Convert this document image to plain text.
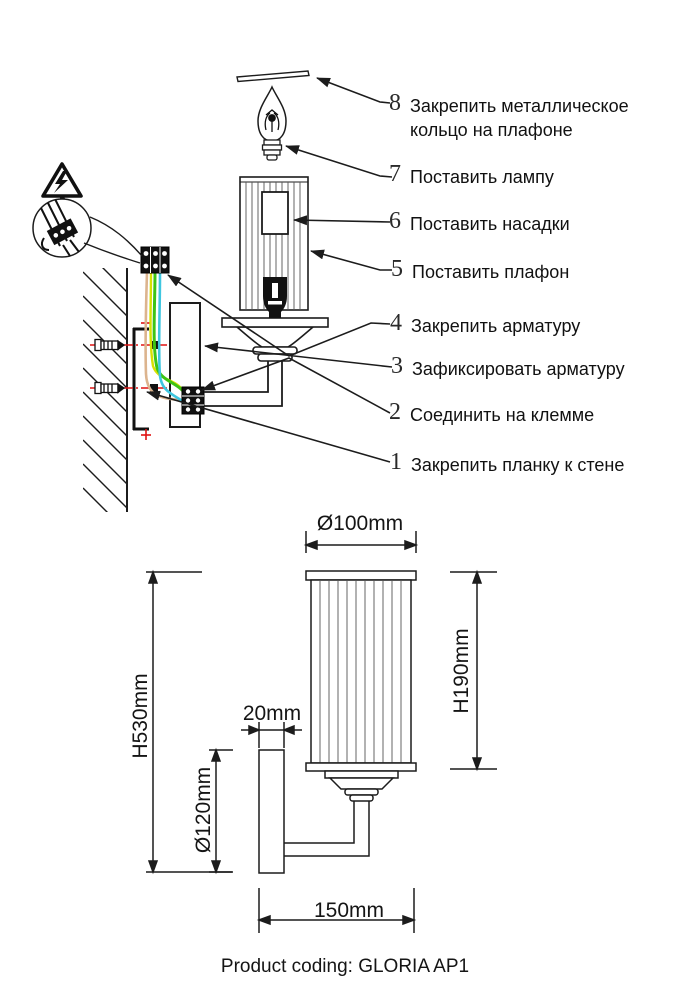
8 Закрепить металлическое кольцо на плафоне
7 Поставить лампу
6 Поставить насадки
5 Поставить плафон
4 Закрепить арматуру
3 Зафиксировать арматуру
2 Соединить на клемме
1 Закрепить планку к стене
Ø100mm
H190mm
H530mm	20mm
Ø120mm
150mm
Product coding: GLORIA AP1
